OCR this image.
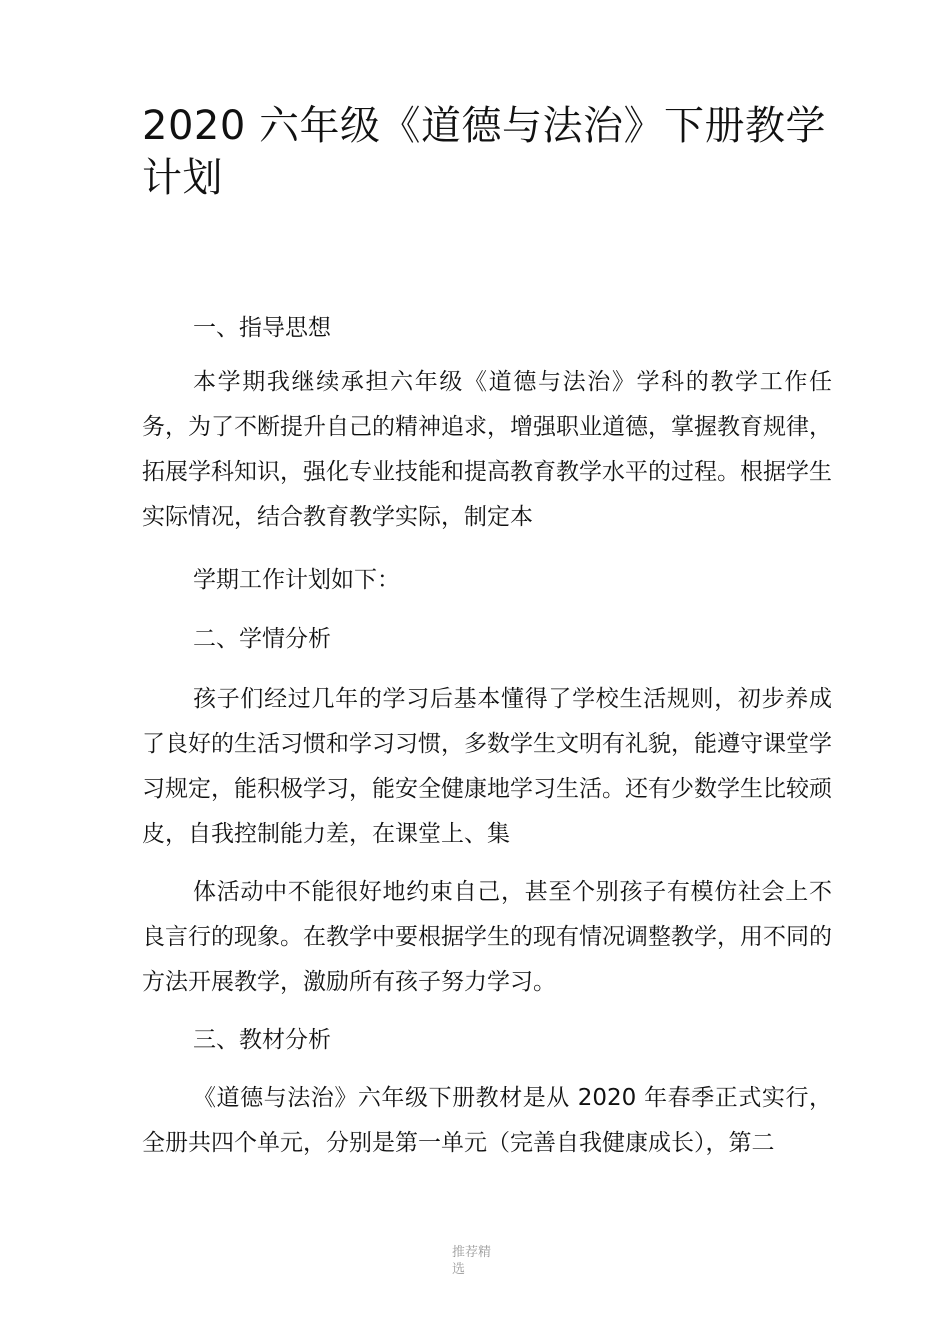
2020 六年级《道德与法治》下册教学计划

一、指导思想

本学期我继续承担六年级《道德与法治》学科的教学工作任务，为了不断提升自己的精神追求，增强职业道德，掌握教育规律，拓展学科知识，强化专业技能和提高教育教学水平的过程。根据学生实际情况，结合教育教学实际，制定本

学期工作计划如下：

二、学情分析

孩子们经过几年的学习后基本懂得了学校生活规则，初步养成了良好的生活习惯和学习习惯，多数学生文明有礼貌，能遵守课堂学习规定，能积极学习，能安全健康地学习生活。还有少数学生比较顽皮，自我控制能力差，在课堂上、集

体活动中不能很好地约束自己，甚至个别孩子有模仿社会上不良言行的现象。在教学中要根据学生的现有情况调整教学，用不同的方法开展教学，激励所有孩子努力学习。

三、教材分析

《道德与法治》六年级下册教材是从 2020 年春季正式实行，全册共四个单元，分别是第一单元（完善自我健康成长），第二

推荐精选
